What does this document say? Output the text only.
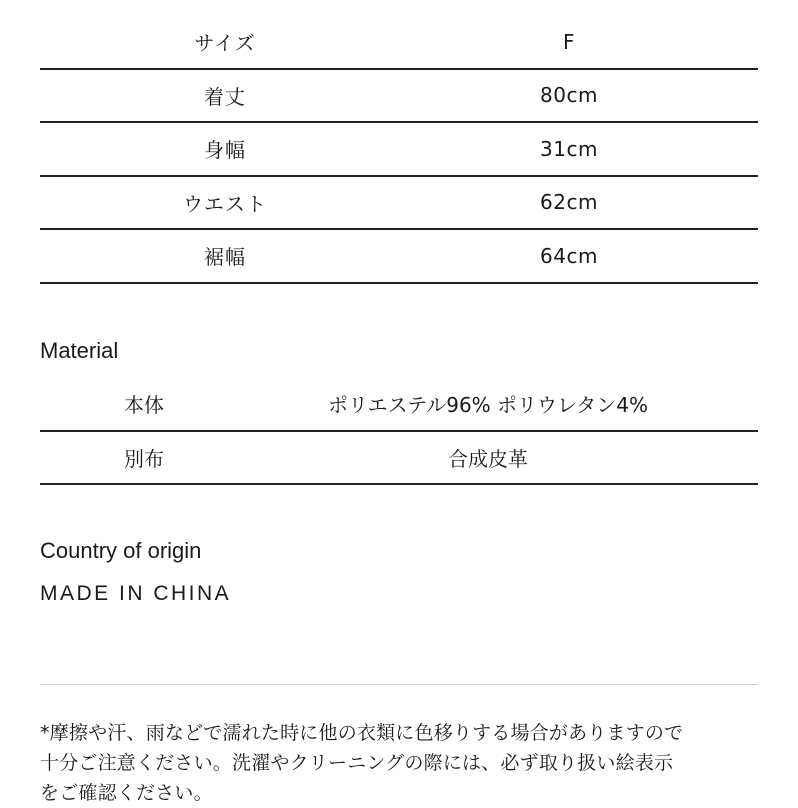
サイズ	F
着丈	80cm
身幅	31cm
ウエスト	62cm
裾幅	64cm
Material
本体	ポリエステル96% ポリウレタン4%
別布	合成皮革
Country of origin
MADE IN CHINA
*摩擦や汗、雨などで濡れた時に他の衣類に色移りする場合がありますので
十分ご注意ください。洗濯やクリーニングの際には、必ず取り扱い絵表示
をご確認ください。
